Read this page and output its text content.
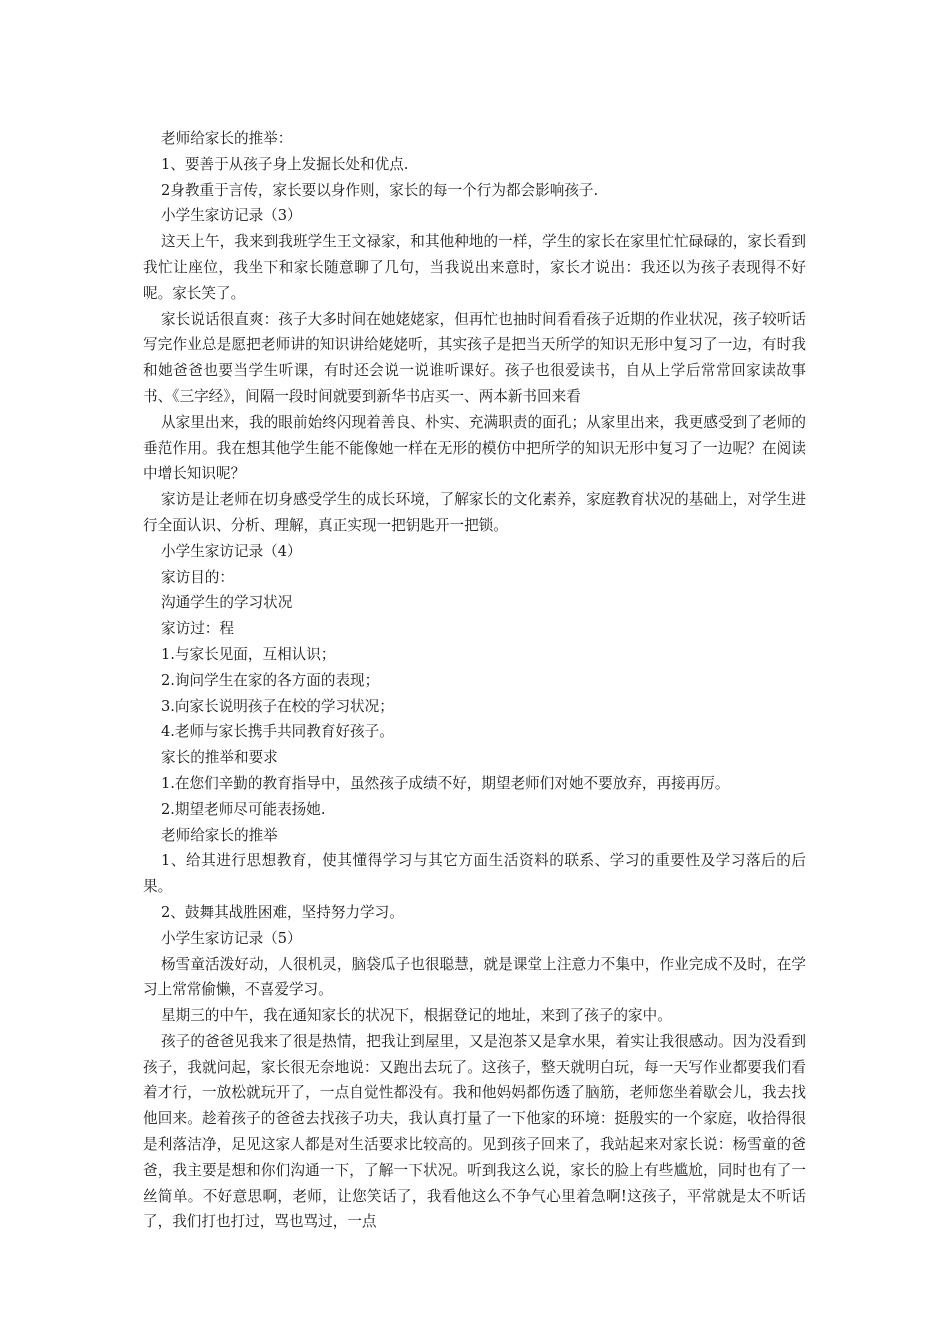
老师给家长的推举：

1、要善于从孩子身上发掘长处和优点.

2身教重于言传，家长要以身作则，家长的每一个行为都会影响孩子.

小学生家访记录（3）

这天上午，我来到我班学生王文禄家，和其他种地的一样，学生的家长在家里忙忙碌碌的，家长看到我忙让座位，我坐下和家长随意聊了几句，当我说出来意时，家长才说出：我还以为孩子表现得不好呢。家长笑了。

家长说话很直爽：孩子大多时间在她姥姥家，但再忙也抽时间看看孩子近期的作业状况，孩子较听话写完作业总是愿把老师讲的知识讲给姥姥听，其实孩子是把当天所学的知识无形中复习了一边，有时我和她爸爸也要当学生听课，有时还会说一说谁听课好。孩子也很爱读书，自从上学后常常回家读故事书、《三字经》，间隔一段时间就要到新华书店买一、两本新书回来看

从家里出来，我的眼前始终闪现着善良、朴实、充满职责的面孔；从家里出来，我更感受到了老师的垂范作用。我在想其他学生能不能像她一样在无形的模仿中把所学的知识无形中复习了一边呢？在阅读中增长知识呢？

家访是让老师在切身感受学生的成长环境，了解家长的文化素养，家庭教育状况的基础上，对学生进行全面认识、分析、理解，真正实现一把钥匙开一把锁。

小学生家访记录（4）

家访目的：

沟通学生的学习状况

家访过：程

1.与家长见面，互相认识；

2.询问学生在家的各方面的表现；

3.向家长说明孩子在校的学习状况；

4.老师与家长携手共同教育好孩子。

家长的推举和要求

1.在您们辛勤的教育指导中，虽然孩子成绩不好，期望老师们对她不要放弃，再接再厉。

2.期望老师尽可能表扬她.

老师给家长的推举

1、给其进行思想教育，使其懂得学习与其它方面生活资料的联系、学习的重要性及学习落后的后果。

2、鼓舞其战胜困难，坚持努力学习。

小学生家访记录（5）

杨雪童活泼好动，人很机灵，脑袋瓜子也很聪慧，就是课堂上注意力不集中，作业完成不及时，在学习上常常偷懒，不喜爱学习。

星期三的中午，我在通知家长的状况下，根据登记的地址，来到了孩子的家中。

孩子的爸爸见我来了很是热情，把我让到屋里，又是泡茶又是拿水果，着实让我很感动。因为没看到孩子，我就问起，家长很无奈地说：又跑出去玩了。这孩子，整天就明白玩，每一天写作业都要我们看着才行，一放松就玩开了，一点自觉性都没有。我和他妈妈都伤透了脑筋，老师您坐着歇会儿，我去找他回来。趁着孩子的爸爸去找孩子功夫，我认真打量了一下他家的环境：挺殷实的一个家庭，收拾得很是利落洁净，足见这家人都是对生活要求比较高的。见到孩子回来了，我站起来对家长说：杨雪童的爸爸，我主要是想和你们沟通一下，了解一下状况。听到我这么说，家长的脸上有些尴尬，同时也有了一丝简单。不好意思啊，老师，让您笑话了，我看他这么不争气心里着急啊!这孩子，平常就是太不听话了，我们打也打过，骂也骂过，一点
